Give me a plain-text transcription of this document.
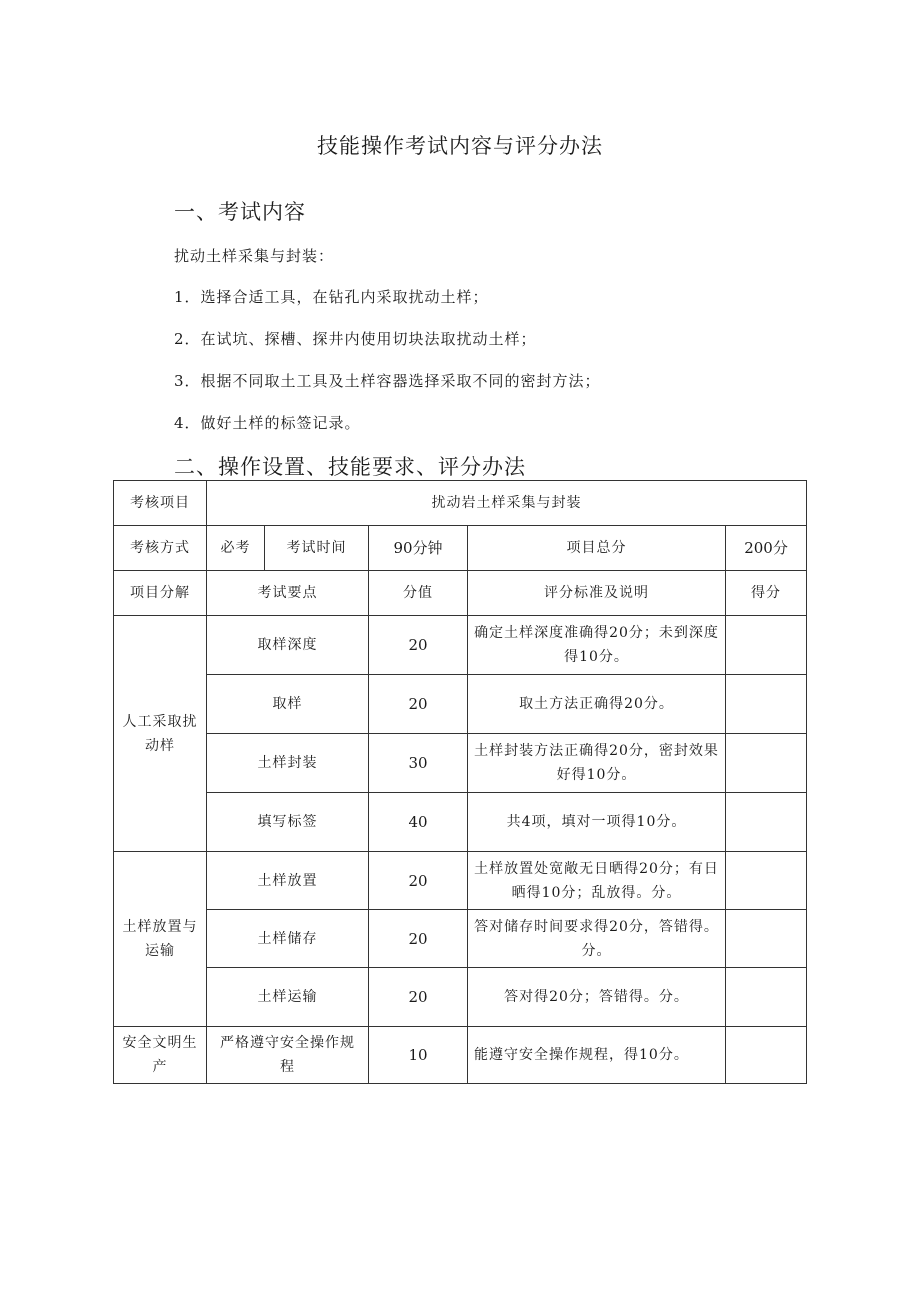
技能操作考试内容与评分办法
一、考试内容
扰动土样采集与封装：
1．选择合适工具，在钻孔内采取扰动土样；
2．在试坑、探槽、探井内使用切块法取扰动土样；
3．根据不同取土工具及土样容器选择采取不同的密封方法；
4．做好土样的标签记录。
二、操作设置、技能要求、评分办法
考核项目	扰动岩土样采集与封装				
考核方式	必考	考试时间	90分钟	项目总分	200分
项目分解	考试要点		分值	评分标准及说明	得分
人工采取扰动样	取样深度		20	确定土样深度准确得20分；未到深度得10分。	
	取样		20	取土方法正确得20分。	
	土样封装		30	土样封装方法正确得20分，密封效果好得10分。	
	填写标签		40	共4项，填对一项得10分。	
土样放置与运输	土样放置		20	土样放置处宽敞无日晒得20分；有日晒得10分；乱放得。分。	
	土样储存		20	答对储存时间要求得20分，答错得。分。	
	土样运输		20	答对得20分；答错得。分。	
安全文明生产	严格遵守安全操作规程		10	能遵守安全操作规程，得10分。	
